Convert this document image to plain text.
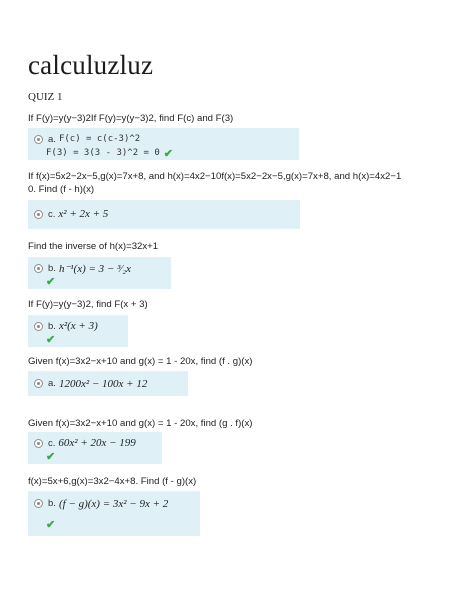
calculuzluz
QUIZ 1
If F(y)=y(y−3)2If F(y)=y(y−3)2, find F(c) and F(3)
a. F(c) = c(c-3)^2
F(3) = 3(3 - 3)^2 = 0 ✔
If f(x)=5x2−2x−5,g(x)=7x+8, and h(x)=4x2−10f(x)=5x2−2x−5,g(x)=7x+8, and h(x)=4x2−1
0. Find (f - h)(x)
c. x² + 2x + 5
Find the inverse of h(x)=32x+1
b. h⁻¹(x) = 3 − ³⁄₂x
✔
If F(y)=y(y−3)2, find F(x + 3)
b. x²(x + 3)
✔
Given f(x)=3x2−x+10 and g(x) = 1 - 20x, find (f . g)(x)
a. 1200x² − 100x + 12
Given f(x)=3x2−x+10 and g(x) = 1 - 20x, find (g . f)(x)
c. 60x² + 20x − 199
✔
f(x)=5x+6,g(x)=3x2−4x+8. Find (f - g)(x)
b. (f − g)(x) = 3x² − 9x + 2
✔
